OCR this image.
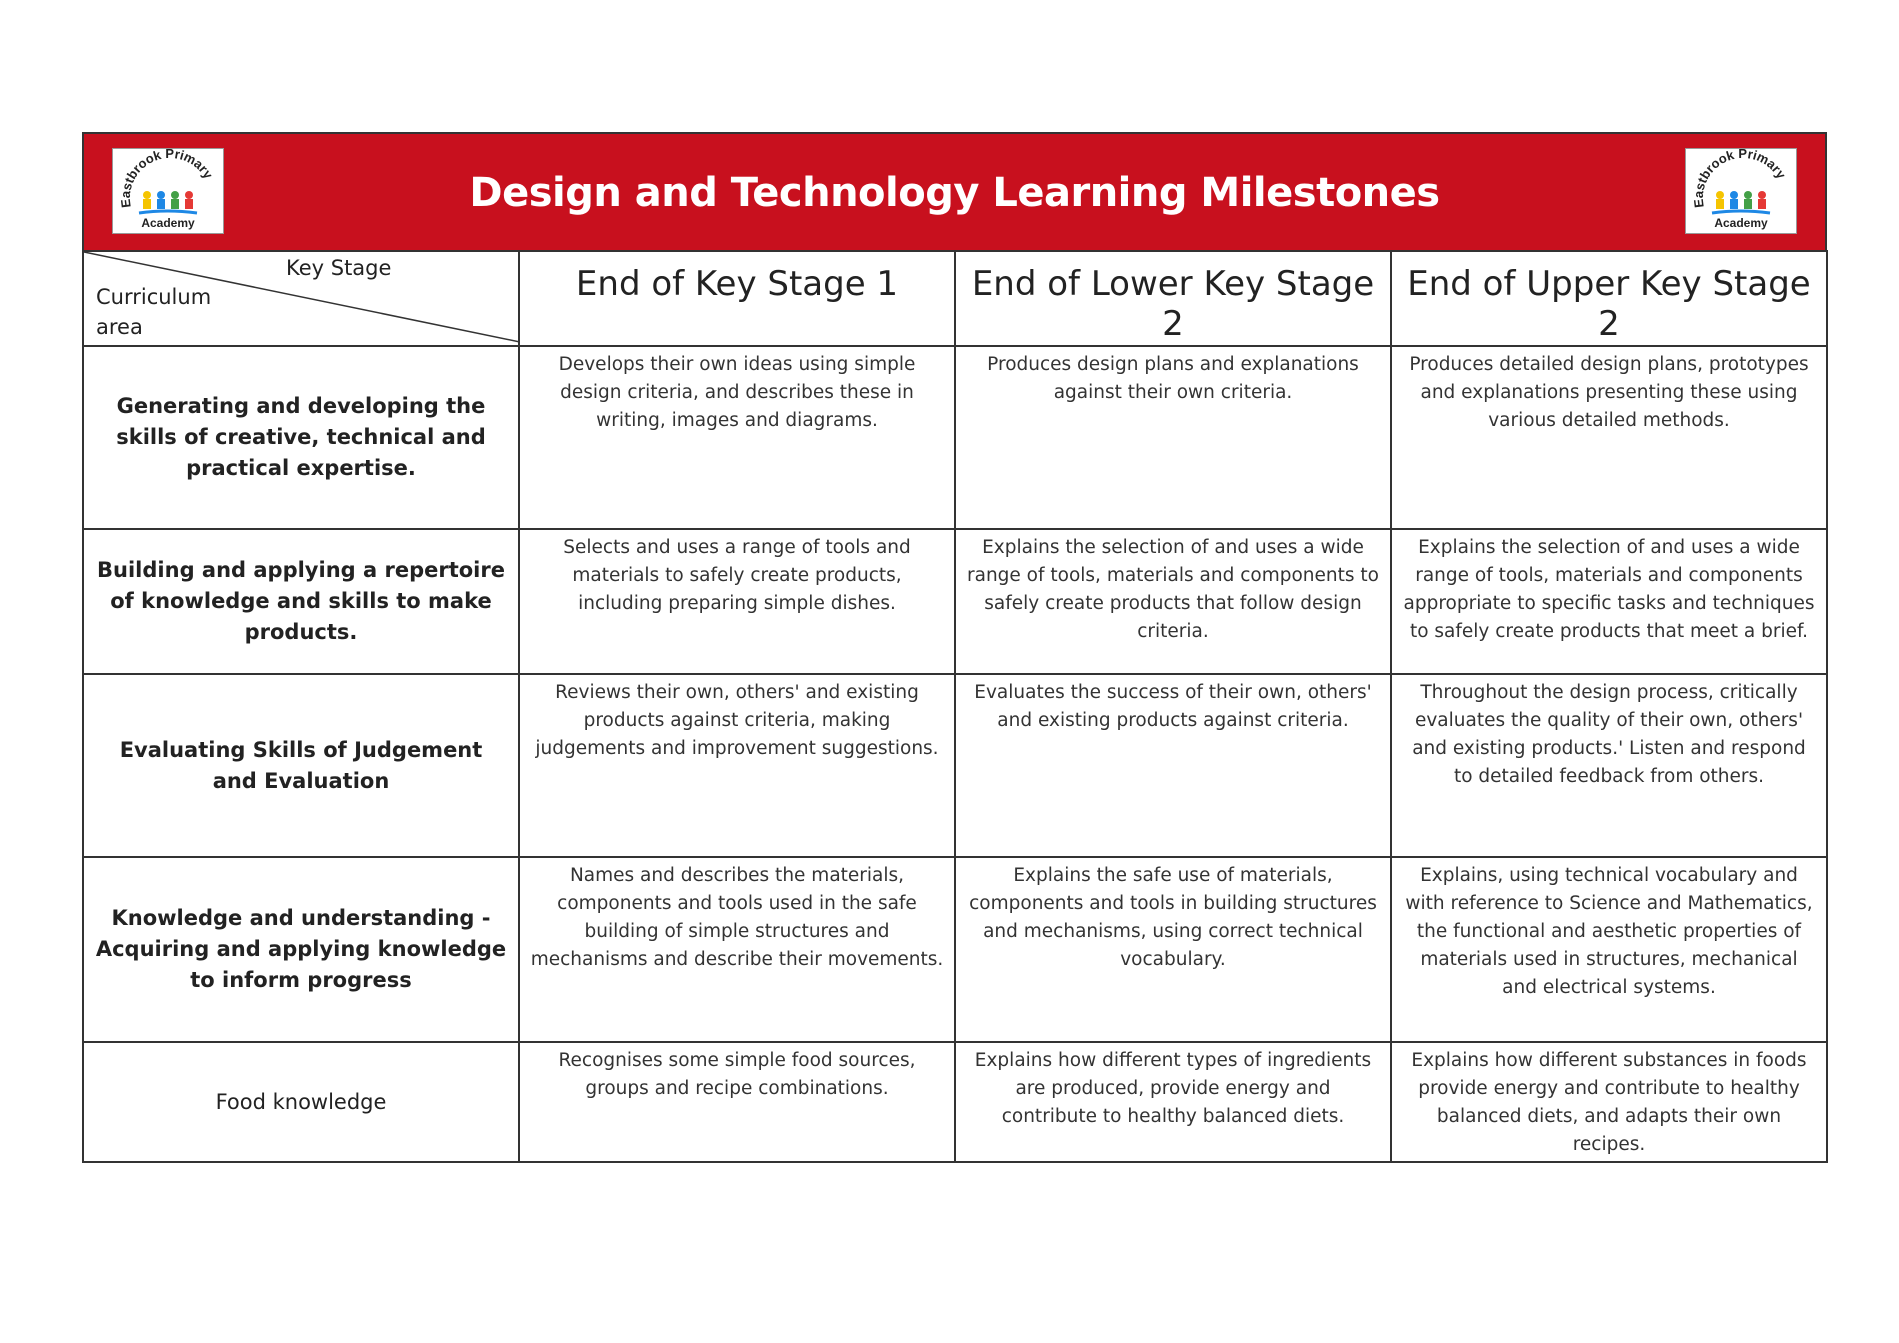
Eastbrook Primary
Academy
Design and Technology Learning Milestones	Eastbrook Primary
Academy
Key Stage
Curriculum area	End of Key Stage 1	End of Lower Key Stage 2	End of Upper Key Stage 2
Generating and developing the skills of creative, technical and practical expertise.	Develops their own ideas using simple design criteria, and describes these in writing, images and diagrams.	Produces design plans and explanations against their own criteria.	Produces detailed design plans, prototypes and explanations presenting these using various detailed methods.
Building and applying a repertoire of knowledge and skills to make products.	Selects and uses a range of tools and materials to safely create products, including preparing simple dishes.	Explains the selection of and uses a wide range of tools, materials and components to safely create products that follow design criteria.	Explains the selection of and uses a wide range of tools, materials and components appropriate to specific tasks and techniques to safely create products that meet a brief.
Evaluating Skills of Judgement and Evaluation	Reviews their own, others' and existing products against criteria, making judgements and improvement suggestions.	Evaluates the success of their own, others' and existing products against criteria.	Throughout the design process, critically evaluates the quality of their own, others' and existing products.' Listen and respond to detailed feedback from others.
Knowledge and understanding - Acquiring and applying knowledge to inform progress	Names and describes the materials, components and tools used in the safe building of simple structures and mechanisms and describe their movements.	Explains the safe use of materials, components and tools in building structures and mechanisms, using correct technical vocabulary.	Explains, using technical vocabulary and with reference to Science and Mathematics, the functional and aesthetic properties of materials used in structures, mechanical and electrical systems.
Food knowledge	Recognises some simple food sources, groups and recipe combinations.	Explains how different types of ingredients are produced, provide energy and contribute to healthy balanced diets.	Explains how different substances in foods provide energy and contribute to healthy balanced diets, and adapts their own recipes.
